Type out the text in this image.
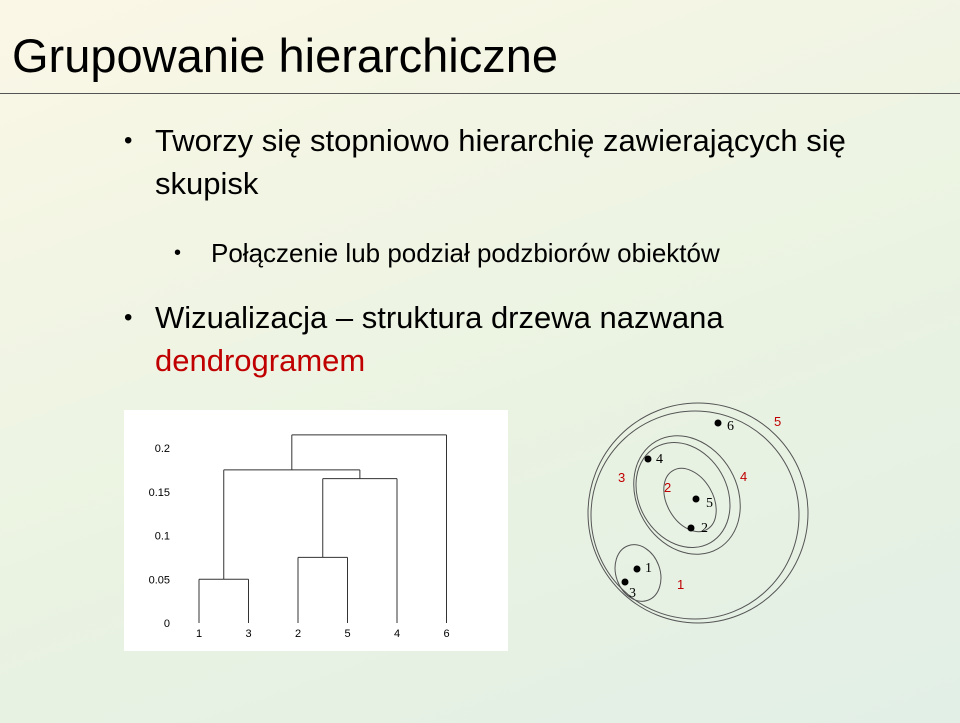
Grupowanie hierarchiczne
• Tworzy się stopniowo hierarchię zawierających się skupisk
• Połączenie lub podział podzbiorów obiektów
• Wizualizacja – struktura drzewa nazwana dendrogramem
0.2
0.15
0.1
0.05
0
1	3	2	5	4	6
6
4
5
2
1
3
5
4
3
2
1
